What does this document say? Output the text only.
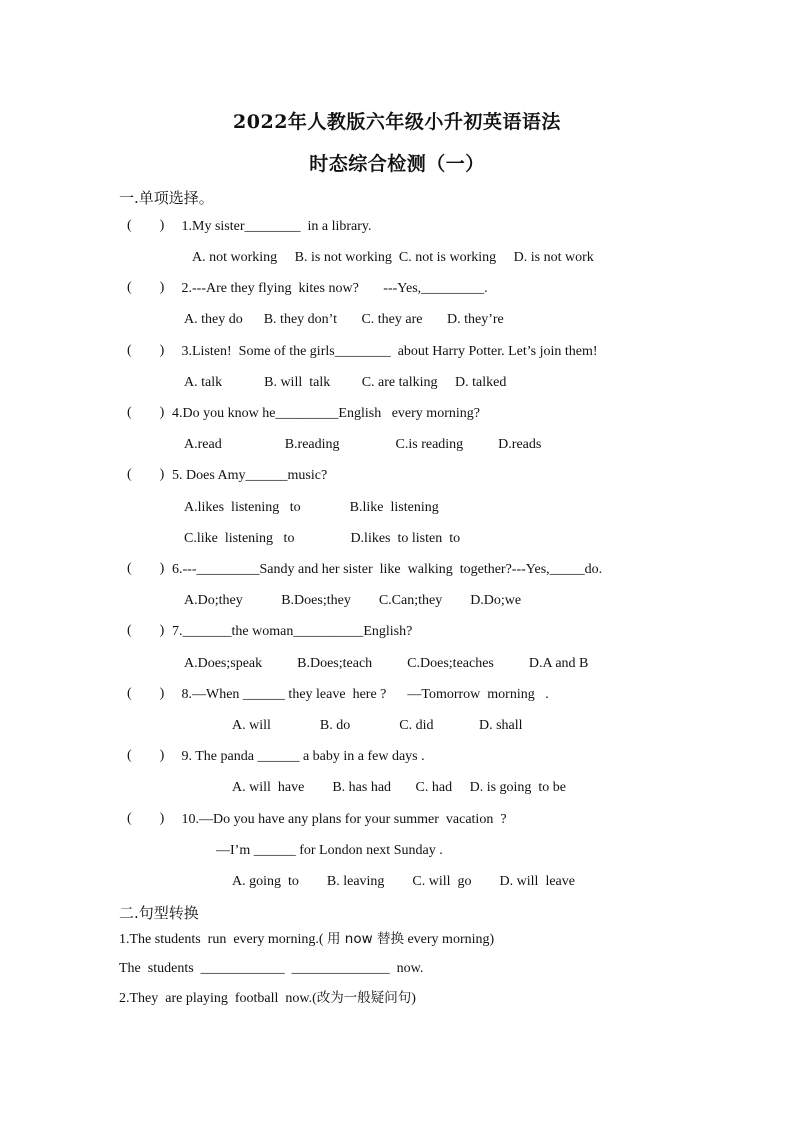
2022年人教版六年级小升初英语语法
时态综合检测（一）
一.单项选择。
(        ) 1.My sister________  in a library.
A. not working     B. is not working  C. not is working     D. is not work
(        ) 2.---Are they flying  kites now?       ---Yes,_________.
A. they do      B. they don’t       C. they are       D. they’re
(        ) 3.Listen!  Some of the girls________  about Harry Potter. Let’s join them!
A. talk            B. will  talk         C. are talking     D. talked
(        ) 4.Do you know he_________English   every morning?
A.read                  B.reading                C.is reading          D.reads
(        ) 5. Does Amy______music?
A.likes  listening   to              B.like  listening
C.like  listening   to                D.likes  to listen  to
(        ) 6.---_________Sandy and her sister  like  walking  together?---Yes,_____do.
A.Do;they           B.Does;they        C.Can;they        D.Do;we
(        ) 7._______the woman__________English?
A.Does;speak          B.Does;teach          C.Does;teaches          D.A and B
(        ) 8.—When ______ they leave  here ?      —Tomorrow  morning   .
A. will              B. do              C. did             D. shall
(        ) 9. The panda ______ a baby in a few days .
A. will  have        B. has had       C. had     D. is going  to be
(        ) 10.—Do you have any plans for your summer  vacation  ?
—I’m ______ for London next Sunday .
A. going  to        B. leaving        C. will  go        D. will  leave
二.句型转换
1.The students  run  every morning.( 用 now 替换 every morning)
The  students  ____________  ______________  now.
2.They  are playing  football  now.(改为一般疑问句)
